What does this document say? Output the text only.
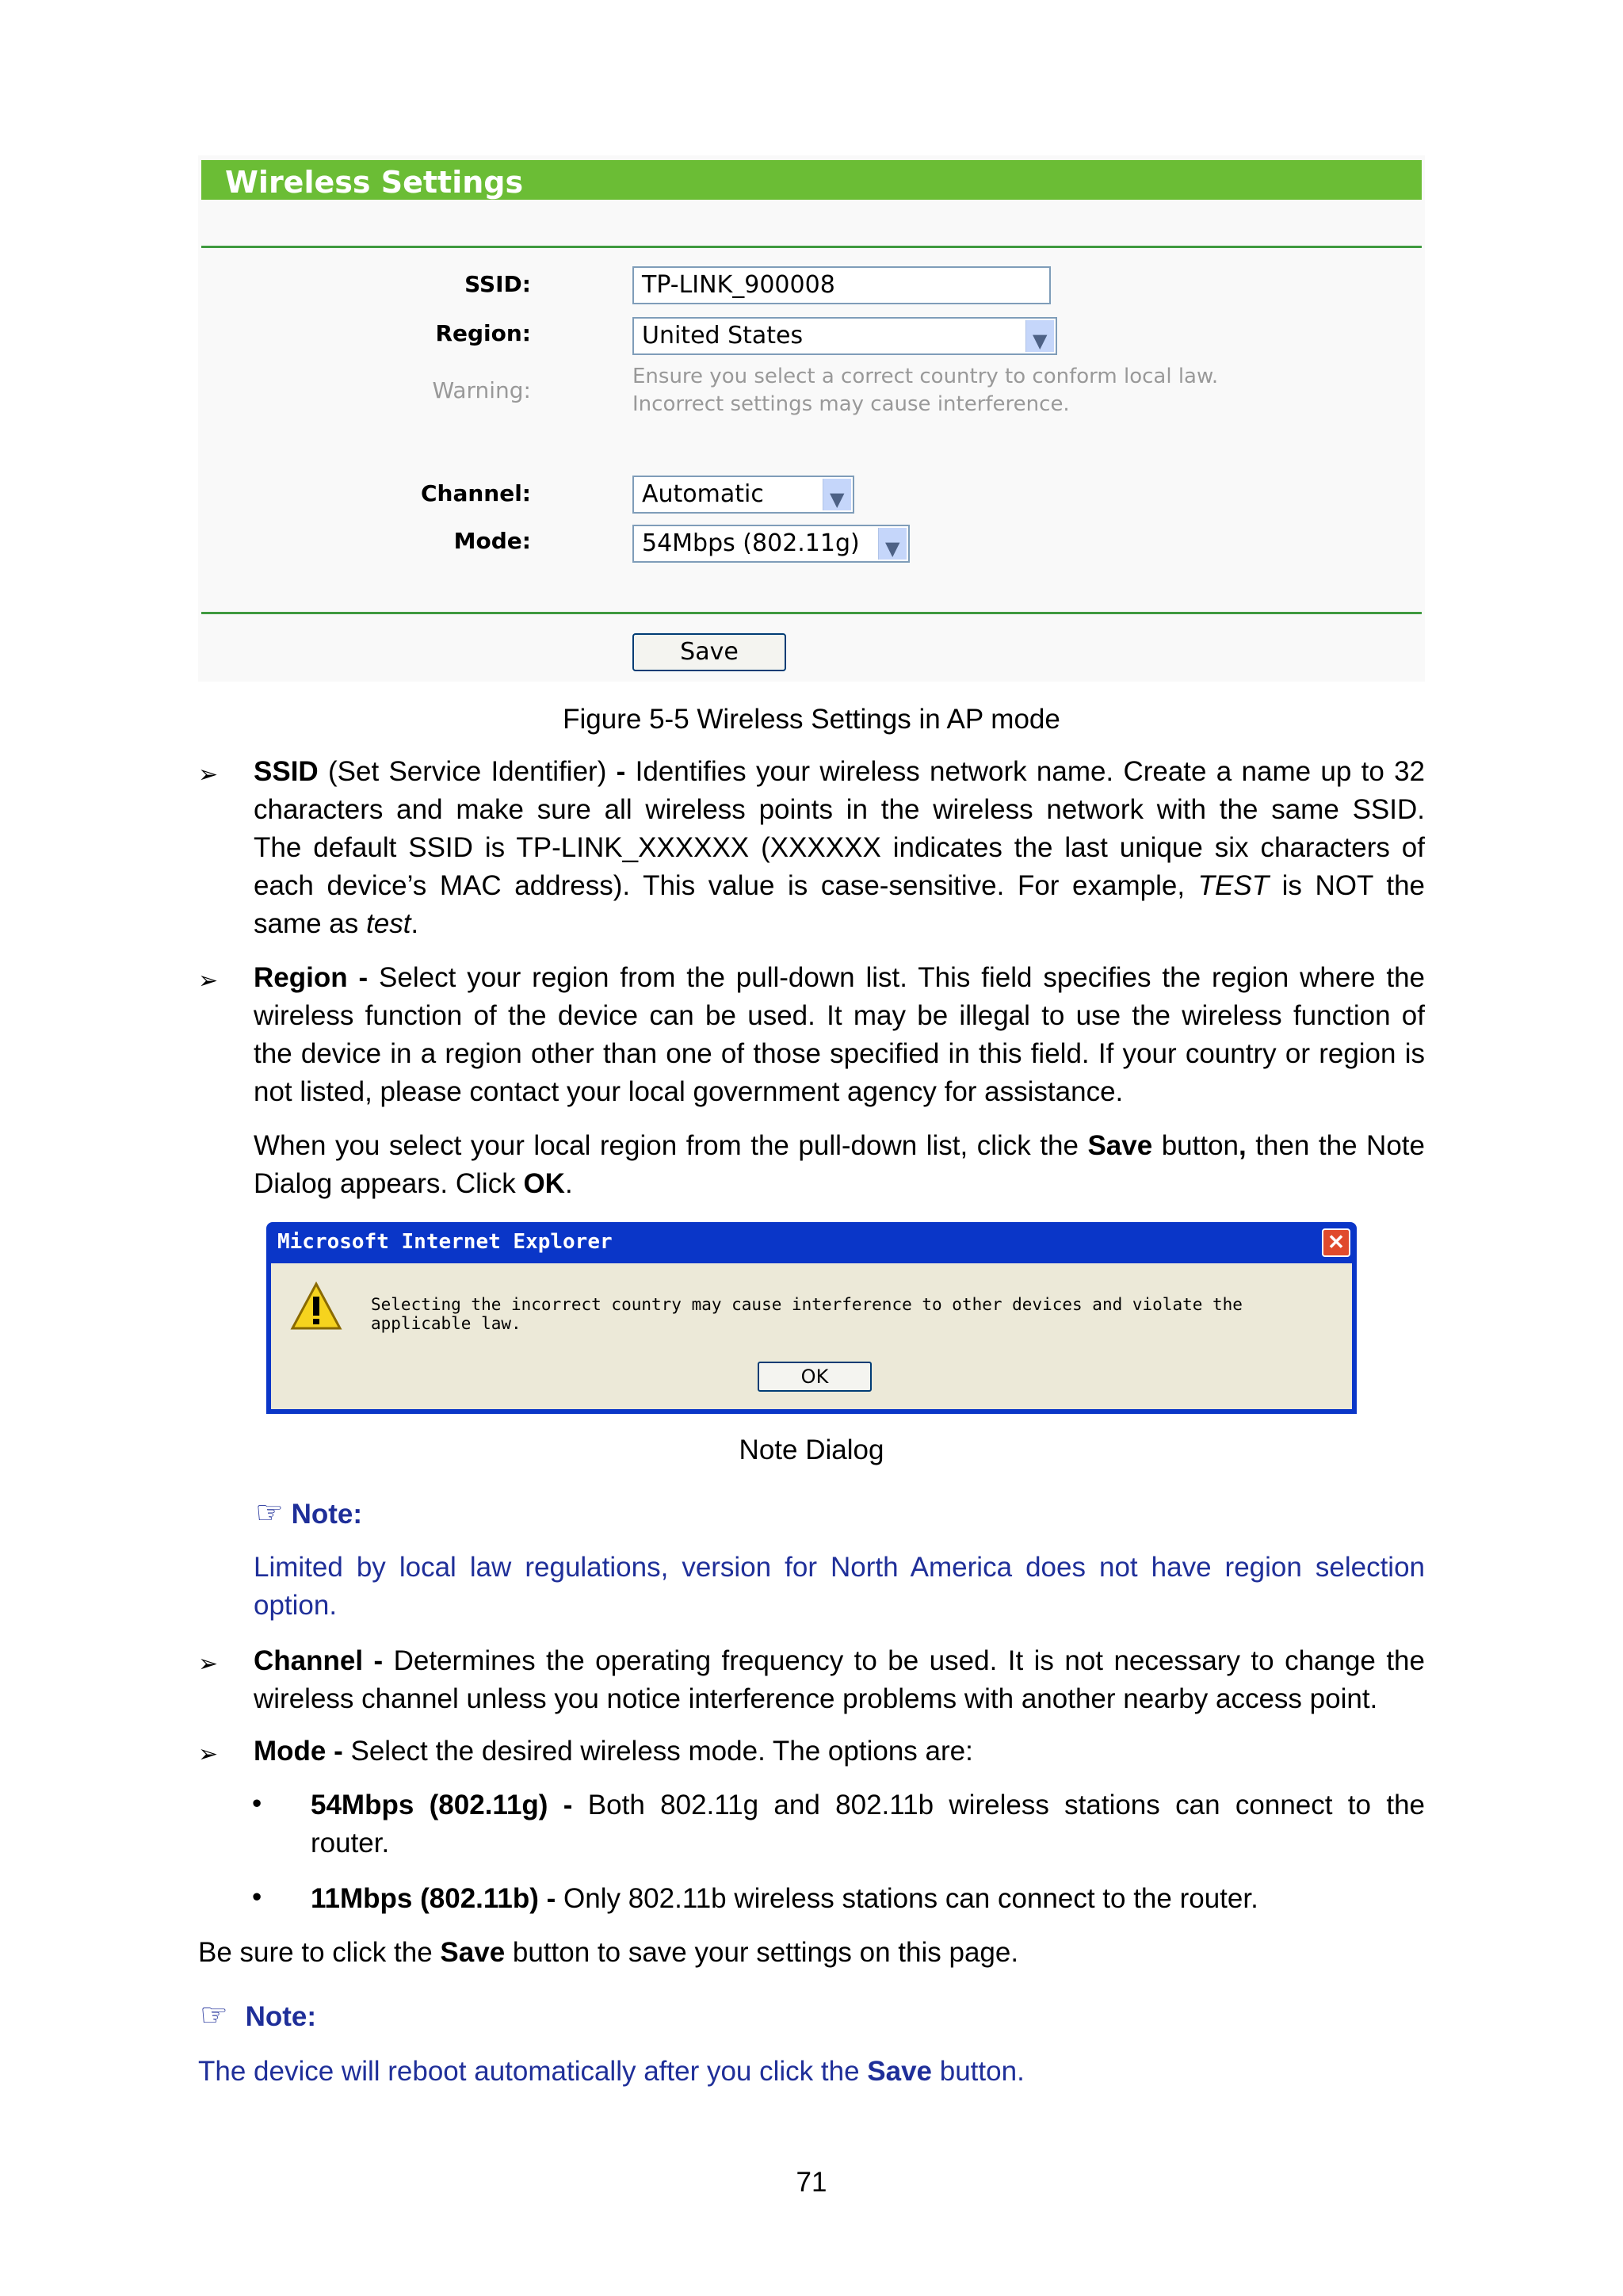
Wireless Settings
SSID:	TP-LINK_900008
Region:	United States	▼
Warning:
Ensure you select a correct country to conform local law.
Incorrect settings may cause interference.
Channel:	Automatic	▼
Mode:	54Mbps (802.11g) ▼
Save
Figure 5-5 Wireless Settings in AP mode
➢ SSID (Set Service Identifier) - Identifies your wireless network name. Create a name up to 32
characters and make sure all wireless points in the wireless network with the same SSID.
The default SSID is TP-LINK_XXXXXX (XXXXXX indicates the last unique six characters of
each device’s MAC address). This value is case-sensitive. For example, TEST is NOT the
same as test.
➢ Region - Select your region from the pull-down list. This field specifies the region where the
wireless function of the device can be used. It may be illegal to use the wireless function of
the device in a region other than one of those specified in this field. If your country or region is
not listed, please contact your local government agency for assistance.
When you select your local region from the pull-down list, click the Save button, then the Note
Dialog appears. Click OK.
Microsoft Internet Explorer	✕
Selecting the incorrect country may cause interference to other devices and violate the applicable law.
OK
Note Dialog
☞ Note:
Limited by local law regulations, version for North America does not have region selection
option.
➢ Channel - Determines the operating frequency to be used. It is not necessary to change the
wireless channel unless you notice interference problems with another nearby access point.
➢ Mode - Select the desired wireless mode. The options are:
• 54Mbps (802.11g) - Both 802.11g and 802.11b wireless stations can connect to the
router.
• 11Mbps (802.11b) - Only 802.11b wireless stations can connect to the router.
Be sure to click the Save button to save your settings on this page.
☞ Note:
The device will reboot automatically after you click the Save button.
71
